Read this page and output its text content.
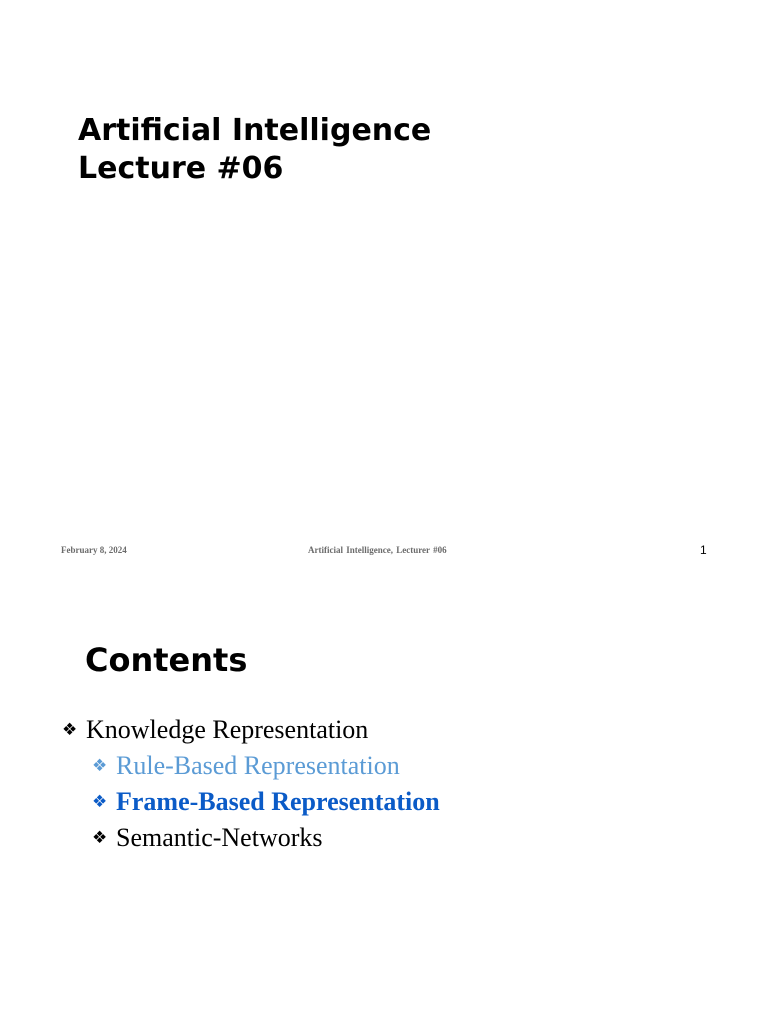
Artificial Intelligence
Lecture #06
February 8, 2024	Artificial Intelligence, Lecturer #06	1
Contents
❖ Knowledge Representation
❖ Rule-Based Representation
❖ Frame-Based Representation
❖ Semantic-Networks
